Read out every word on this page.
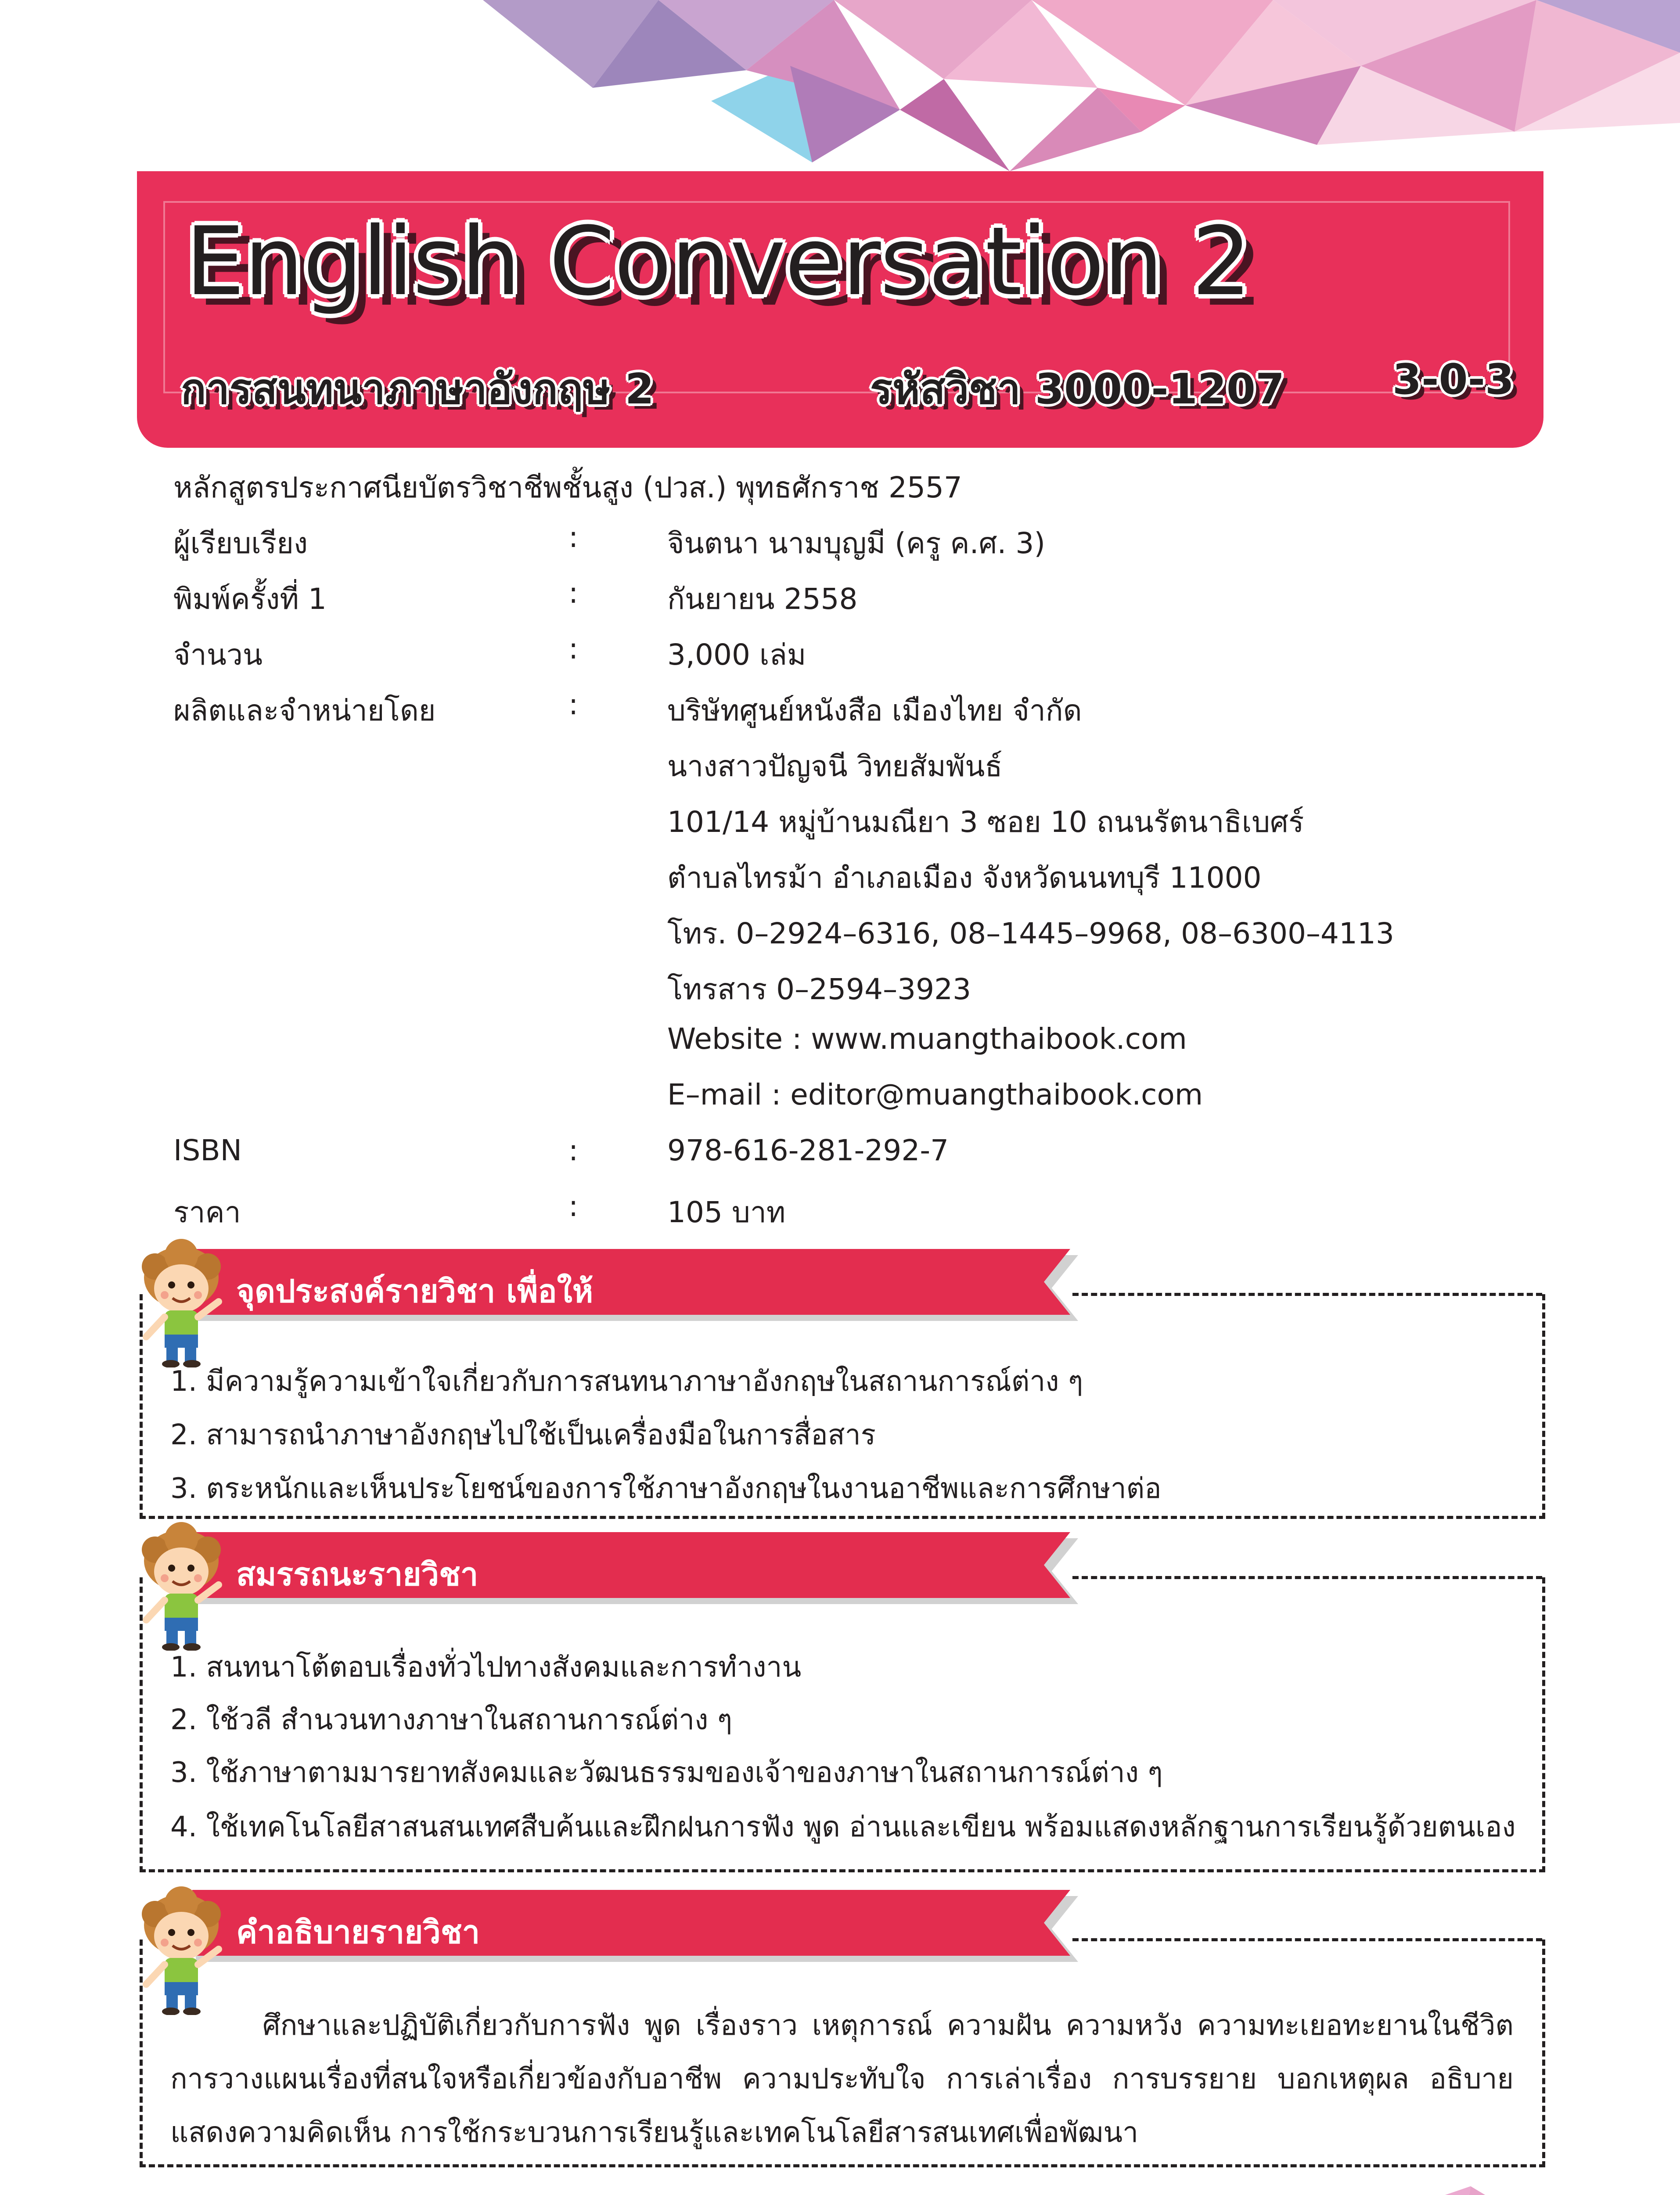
English Conversation 2
การสนทนาภาษาอังกฤษ 2	รหัสวิชา 3000-1207	3-0-3
หลักสูตรประกาศนียบัตรวิชาชีพชั้นสูง (ปวส.) พุทธศักราช 2557
ผู้เรียบเรียง	:	จินตนา นามบุญมี (ครู ค.ศ. 3)
พิมพ์ครั้งที่ 1	:	กันยายน 2558
จำนวน	:	3,000 เล่ม
ผลิตและจำหน่ายโดย	:	บริษัทศูนย์หนังสือ เมืองไทย จำกัด
นางสาวปัญจนี วิทยสัมพันธ์
101/14 หมู่บ้านมณียา 3 ซอย 10 ถนนรัตนาธิเบศร์
ตำบลไทรม้า อำเภอเมือง จังหวัดนนทบุรี 11000
โทร. 0–2924–6316, 08–1445–9968, 08–6300–4113
โทรสาร 0–2594–3923
Website : www.muangthaibook.com
E–mail : editor@muangthaibook.com
ISBN	:	978-616-281-292-7
ราคา	:	105 บาท
จุดประสงค์รายวิชา เพื่อให้
1. มีความรู้ความเข้าใจเกี่ยวกับการสนทนาภาษาอังกฤษในสถานการณ์ต่าง ๆ
2. สามารถนำภาษาอังกฤษไปใช้เป็นเครื่องมือในการสื่อสาร
3. ตระหนักและเห็นประโยชน์ของการใช้ภาษาอังกฤษในงานอาชีพและการศึกษาต่อ
สมรรถนะรายวิชา
1. สนทนาโต้ตอบเรื่องทั่วไปทางสังคมและการทำงาน
2. ใช้วลี สำนวนทางภาษาในสถานการณ์ต่าง ๆ
3. ใช้ภาษาตามมารยาทสังคมและวัฒนธรรมของเจ้าของภาษาในสถานการณ์ต่าง ๆ
4. ใช้เทคโนโลยีสาสนสนเทศสืบค้นและฝึกฝนการฟัง พูด อ่านและเขียน พร้อมแสดงหลักฐานการเรียนรู้ด้วยตนเอง
คำอธิบายรายวิชา
ศึกษาและปฏิบัติเกี่ยวกับการฟัง พูด เรื่องราว เหตุการณ์ ความฝัน ความหวัง ความทะเยอทะยานในชีวิต การวางแผนเรื่องที่สนใจหรือเกี่ยวข้องกับอาชีพ ความประทับใจ การเล่าเรื่อง การบรรยาย บอกเหตุผล อธิบาย แสดงความคิดเห็น การใช้กระบวนการเรียนรู้และเทคโนโลยีสารสนเทศเพื่อพัฒนา
